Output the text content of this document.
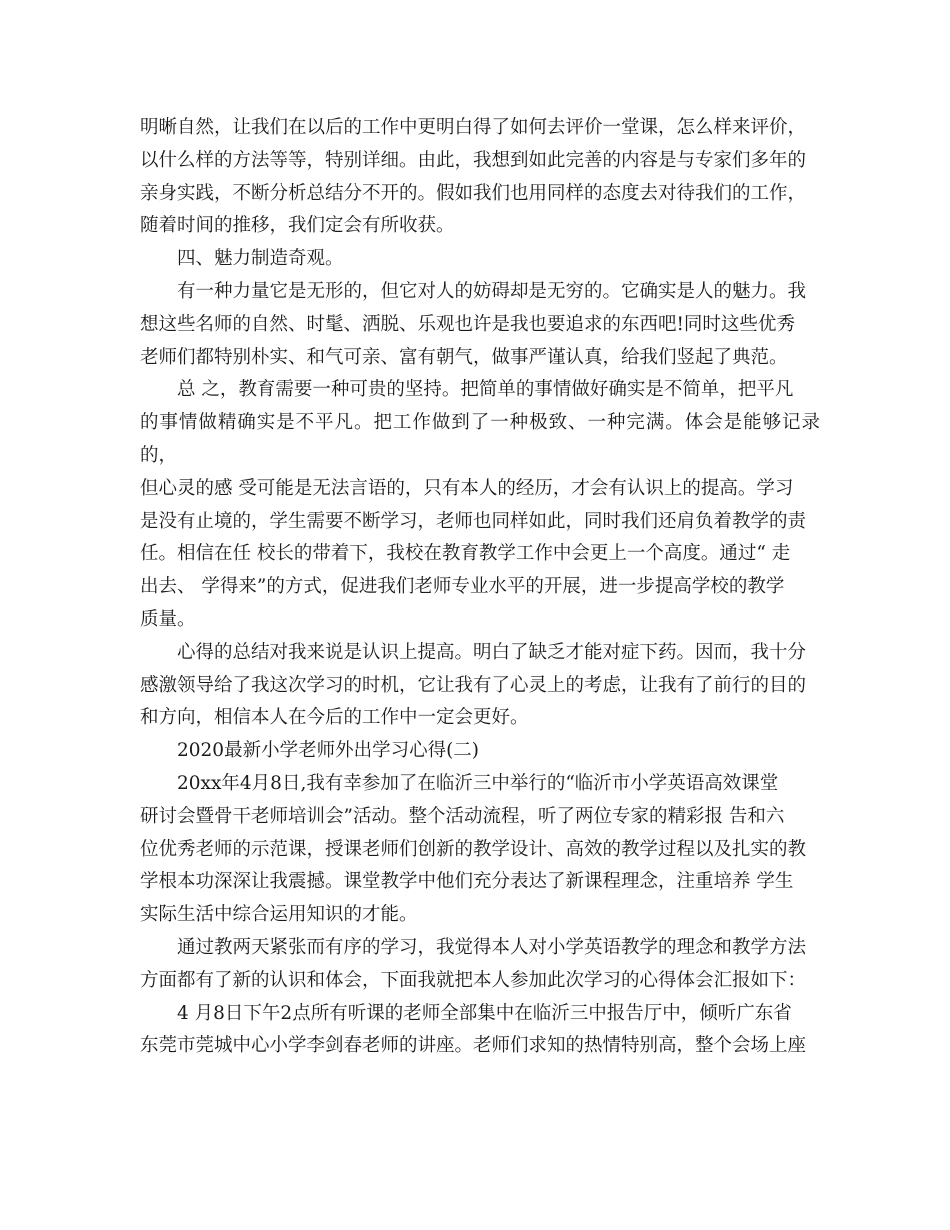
明晰自然，让我们在以后的工作中更明白得了如何去评价一堂课，怎么样来评价，
以什么样的方法等等，特别详细。由此，我想到如此完善的内容是与专家们多年的
亲身实践，不断分析总结分不开的。假如我们也用同样的态度去对待我们的工作，
随着时间的推移，我们定会有所收获。

四、魅力制造奇观。

有一种力量它是无形的，但它对人的妨碍却是无穷的。它确实是人的魅力。我
想这些名师的自然、时髦、洒脱、乐观也许是我也要追求的东西吧!同时这些优秀
老师们都特别朴实、和气可亲、富有朝气，做事严谨认真，给我们竖起了典范。

总 之，教育需要一种可贵的坚持。把简单的事情做好确实是不简单，把平凡
的事情做精确实是不平凡。把工作做到了一种极致、一种完满。体会是能够记录的，
但心灵的感 受可能是无法言语的，只有本人的经历，才会有认识上的提高。学习
是没有止境的，学生需要不断学习，老师也同样如此，同时我们还肩负着教学的责
任。相信在任 校长的带着下，我校在教育教学工作中会更上一个高度。通过“ 走
出去、 学得来”的方式，促进我们老师专业水平的开展，进一步提高学校的教学
质量。

心得的总结对我来说是认识上提高。明白了缺乏才能对症下药。因而，我十分
感激领导给了我这次学习的时机，它让我有了心灵上的考虑，让我有了前行的目的
和方向，相信本人在今后的工作中一定会更好。

2020最新小学老师外出学习心得(二)

20xx年4月8日,我有幸参加了在临沂三中举行的“临沂市小学英语高效课堂
研讨会暨骨干老师培训会”活动。整个活动流程，听了两位专家的精彩报 告和六
位优秀老师的示范课，授课老师们创新的教学设计、高效的教学过程以及扎实的教
学根本功深深让我震撼。课堂教学中他们充分表达了新课程理念，注重培养 学生
实际生活中综合运用知识的才能。

通过教两天紧张而有序的学习，我觉得本人对小学英语教学的理念和教学方法
方面都有了新的认识和体会，下面我就把本人参加此次学习的心得体会汇报如下：

4 月8日下午2点所有听课的老师全部集中在临沂三中报告厅中，倾听广东省
东莞市莞城中心小学李剑春老师的讲座。老师们求知的热情特别高，整个会场上座
